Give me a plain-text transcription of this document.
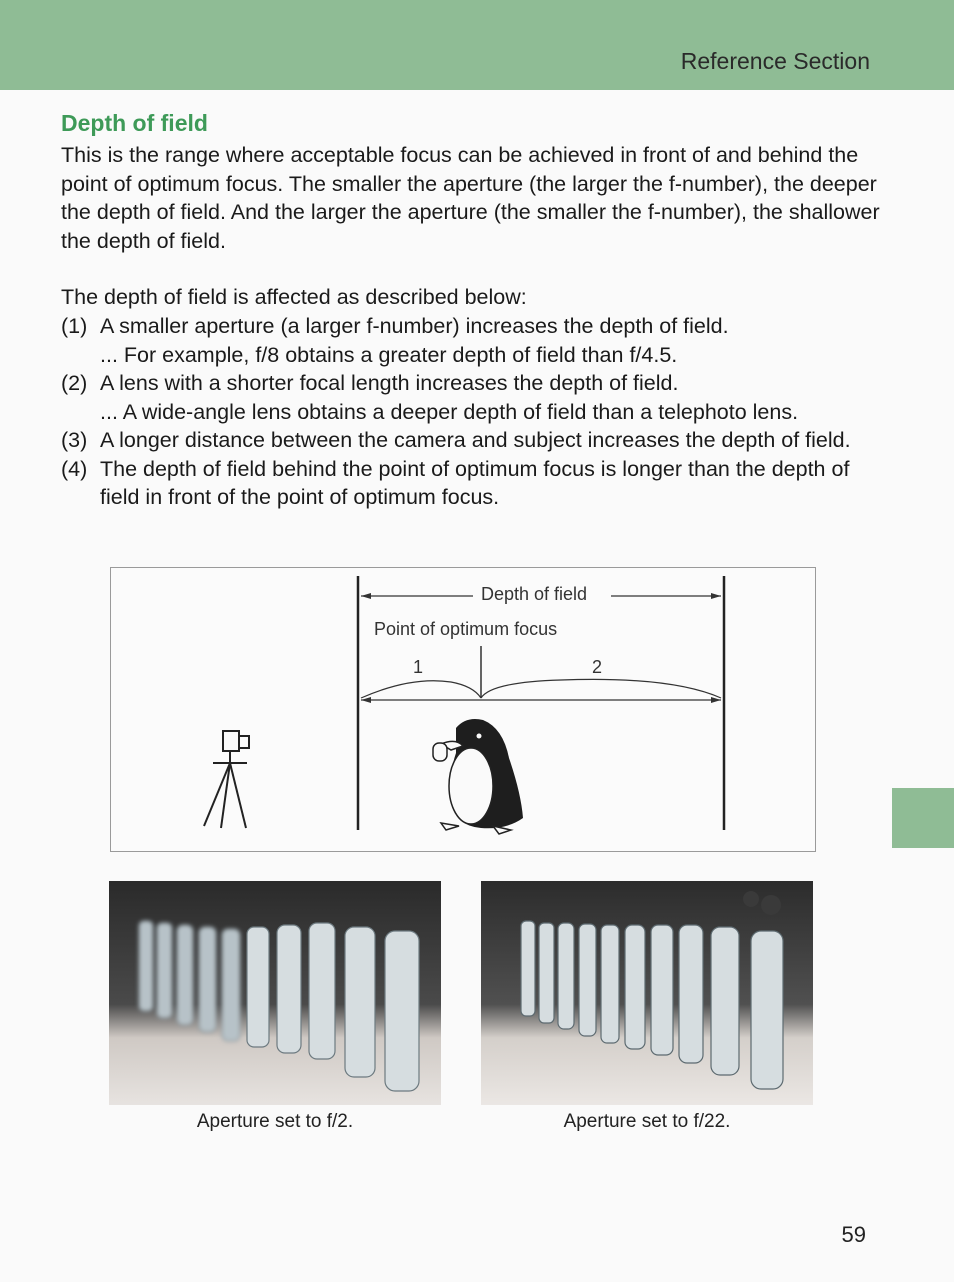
Reference Section
Depth of field
This is the range where acceptable focus can be achieved in front of and behind the point of optimum focus. The smaller the aperture (the larger the f-number), the deeper the depth of field. And the larger the aperture (the smaller the f-number), the shallower the depth of field.
The depth of field is affected as described below:
(1) A smaller aperture (a larger f-number) increases the depth of field.
... For example, f/8 obtains a greater depth of field than f/4.5.
(2) A lens with a shorter focal length increases the depth of field.
... A wide-angle lens obtains a deeper depth of field than a telephoto lens.
(3) A longer distance between the camera and subject increases the depth of field.
(4) The depth of field behind the point of optimum focus is longer than the depth of field in front of the point of optimum focus.
Depth of field
Point of optimum focus
1	2
Aperture set to f/2.	Aperture set to f/22.
59
